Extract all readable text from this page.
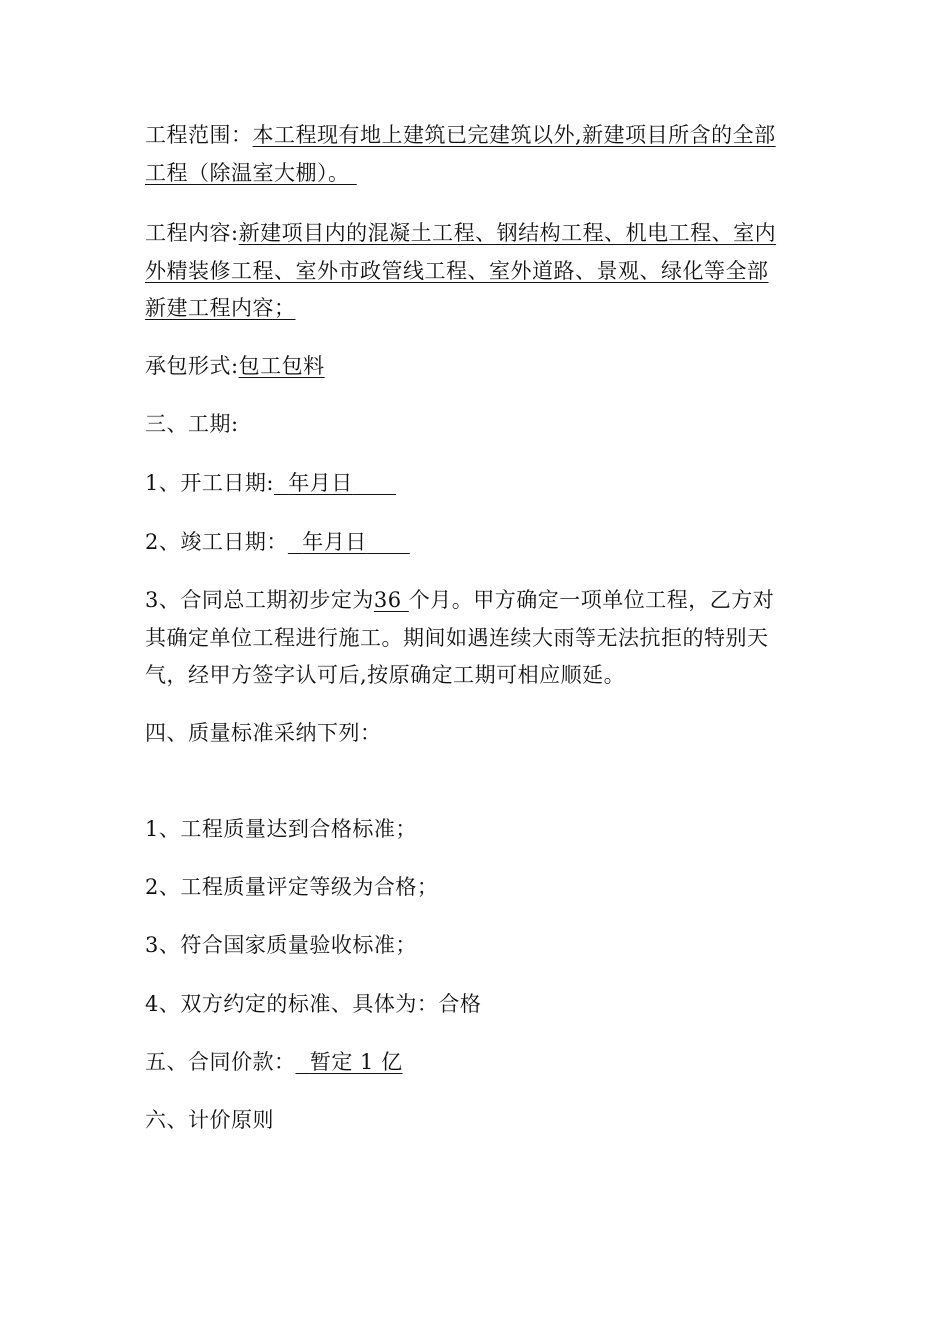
工程范围：本工程现有地上建筑已完建筑以外,新建项目所含的全部
工程（除温室大棚）。
工程内容:新建项目内的混凝土工程、钢结构工程、机电工程、室内
外精装修工程、室外市政管线工程、室外道路、景观、绿化等全部
新建工程内容；
承包形式:包工包料
三、工期:
1、开工日期: 年月日
2、竣工日期： 年月日
3、合同总工期初步定为36 个月。甲方确定一项单位工程，乙方对
其确定单位工程进行施工。期间如遇连续大雨等无法抗拒的特别天
气，经甲方签字认可后,按原确定工期可相应顺延。
四、质量标准采纳下列：
1、工程质量达到合格标准；
2、工程质量评定等级为合格；
3、符合国家质量验收标准；
4、双方约定的标准、具体为：合格
五、合同价款： 暂定 1 亿
六、计价原则
